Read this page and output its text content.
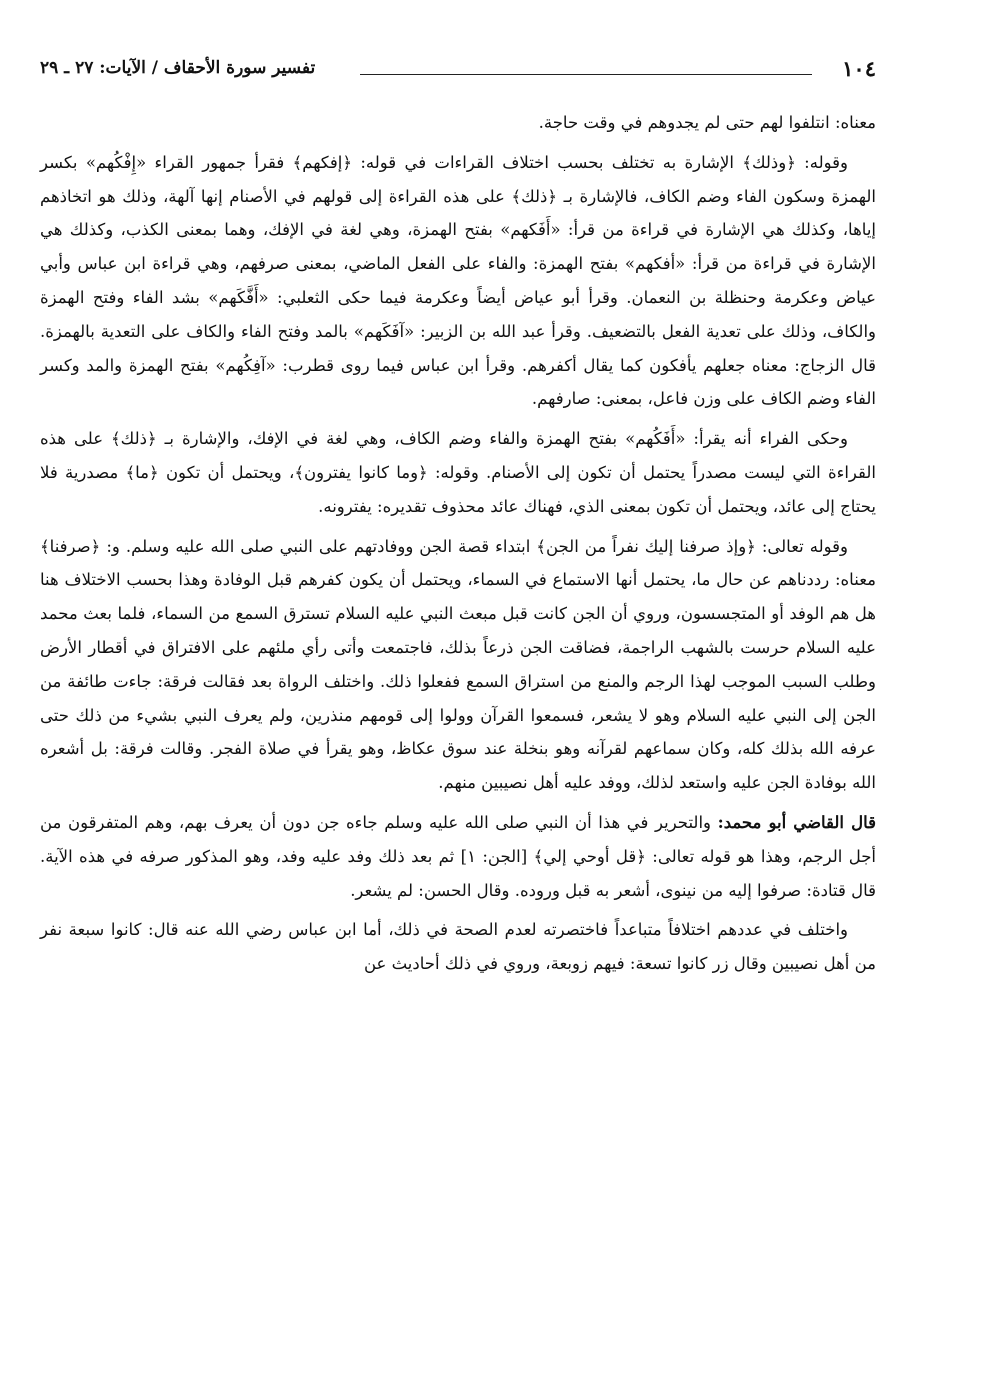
١٠٤
تفسير سورة الأحقاف / الآيات: ٢٧ ـ ٢٩

معناه: انتلفوا لهم حتى لم يجدوهم في وقت حاجة.

وقوله: ﴿وذلك﴾ الإشارة به تختلف بحسب اختلاف القراءات في قوله: ﴿إفكهم﴾ فقرأ جمهور القراء «إِفْكُهم» بكسر الهمزة وسكون الفاء وضم الكاف، فالإشارة بـ ﴿ذلك﴾ على هذه القراءة إلى قولهم في الأصنام إنها آلهة، وذلك هو اتخاذهم إياها، وكذلك هي الإشارة في قراءة من قرأ: «أَفَكهم» بفتح الهمزة، وهي لغة في الإفك، وهما بمعنى الكذب، وكذلك هي الإشارة في قراءة من قرأ: «أفكهم» بفتح الهمزة: والفاء على الفعل الماضي، بمعنى صرفهم، وهي قراءة ابن عباس وأبي عياض وعكرمة وحنظلة بن النعمان. وقرأ أبو عياض أيضاً وعكرمة فيما حكى الثعلبي: «أَفَّكَهم» بشد الفاء وفتح الهمزة والكاف، وذلك على تعدية الفعل بالتضعيف. وقرأ عبد الله بن الزبير: «آفَكَهم» بالمد وفتح الفاء والكاف على التعدية بالهمزة. قال الزجاج: معناه جعلهم يأفكون كما يقال أكفرهم. وقرأ ابن عباس فيما روى قطرب: «آفِكُهم» بفتح الهمزة والمد وكسر الفاء وضم الكاف على وزن فاعل، بمعنى: صارفهم.

وحكى الفراء أنه يقرأ: «أَفَكُهم» بفتح الهمزة والفاء وضم الكاف، وهي لغة في الإفك، والإشارة بـ ﴿ذلك﴾ على هذه القراءة التي ليست مصدراً يحتمل أن تكون إلى الأصنام. وقوله: ﴿وما كانوا يفترون﴾، ويحتمل أن تكون ﴿ما﴾ مصدرية فلا يحتاج إلى عائد، ويحتمل أن تكون بمعنى الذي، فهناك عائد محذوف تقديره: يفترونه.

وقوله تعالى: ﴿وإذ صرفنا إليك نفراً من الجن﴾ ابتداء قصة الجن ووفادتهم على النبي صلى الله عليه وسلم. و: ﴿صرفنا﴾ معناه: رددناهم عن حال ما، يحتمل أنها الاستماع في السماء، ويحتمل أن يكون كفرهم قبل الوفادة وهذا بحسب الاختلاف هنا هل هم الوفد أو المتجسسون، وروي أن الجن كانت قبل مبعث النبي عليه السلام تسترق السمع من السماء، فلما بعث محمد عليه السلام حرست بالشهب الراجمة، فضاقت الجن ذرعاً بذلك، فاجتمعت وأتى رأي ملئهم على الافتراق في أقطار الأرض وطلب السبب الموجب لهذا الرجم والمنع من استراق السمع ففعلوا ذلك. واختلف الرواة بعد فقالت فرقة: جاءت طائفة من الجن إلى النبي عليه السلام وهو لا يشعر، فسمعوا القرآن وولوا إلى قومهم منذرين، ولم يعرف النبي بشيء من ذلك حتى عرفه الله بذلك كله، وكان سماعهم لقرآنه وهو بنخلة عند سوق عكاظ، وهو يقرأ في صلاة الفجر. وقالت فرقة: بل أشعره الله بوفادة الجن عليه واستعد لذلك، ووفد عليه أهل نصيبين منهم.

قال القاضي أبو محمد: والتحرير في هذا أن النبي صلى الله عليه وسلم جاءه جن دون أن يعرف بهم، وهم المتفرقون من أجل الرجم، وهذا هو قوله تعالى: ﴿قل أوحي إلي﴾ [الجن: ١] ثم بعد ذلك وفد عليه وفد، وهو المذكور صرفه في هذه الآية. قال قتادة: صرفوا إليه من نينوى، أشعر به قبل وروده. وقال الحسن: لم يشعر.

واختلف في عددهم اختلافاً متباعداً فاختصرته لعدم الصحة في ذلك، أما ابن عباس رضي الله عنه قال: كانوا سبعة نفر من أهل نصيبين وقال زر كانوا تسعة: فيهم زوبعة، وروي في ذلك أحاديث عن
